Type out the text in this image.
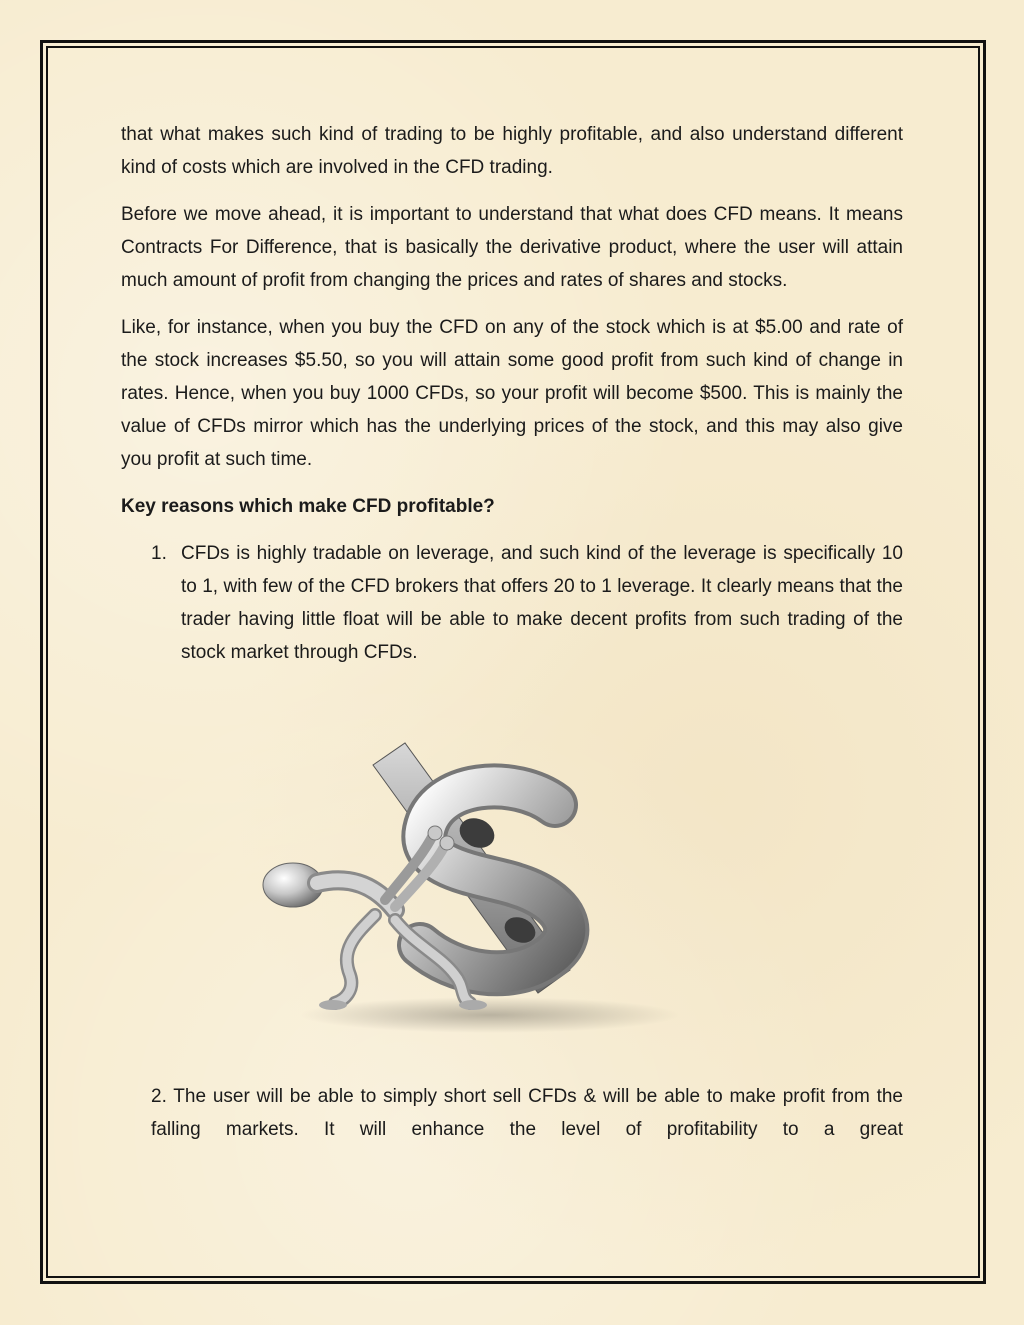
that what makes such kind of trading to be highly profitable, and also understand different kind of costs which are involved in the CFD trading.

Before we move ahead, it is important to understand that what does CFD means. It means Contracts For Difference, that is basically the derivative product, where the user will attain much amount of profit from changing the prices and rates of shares and stocks.

Like, for instance, when you buy the CFD on any of the stock which is at $5.00 and rate of the stock increases $5.50, so you will attain some good profit from such kind of change in rates. Hence, when you buy 1000 CFDs, so your profit will become $500. This is mainly the value of CFDs mirror which has the underlying prices of the stock, and this may also give you profit at such time.

Key reasons which make CFD profitable?

1. CFDs is highly tradable on leverage, and such kind of the leverage is specifically 10 to 1, with few of the CFD brokers that offers 20 to 1 leverage. It clearly means that the trader having little float will be able to make decent profits from such trading of the stock market through CFDs.
2. The user will be able to simply short sell CFDs & will be able to make profit from the falling markets. It will enhance the level of profitability to a great
